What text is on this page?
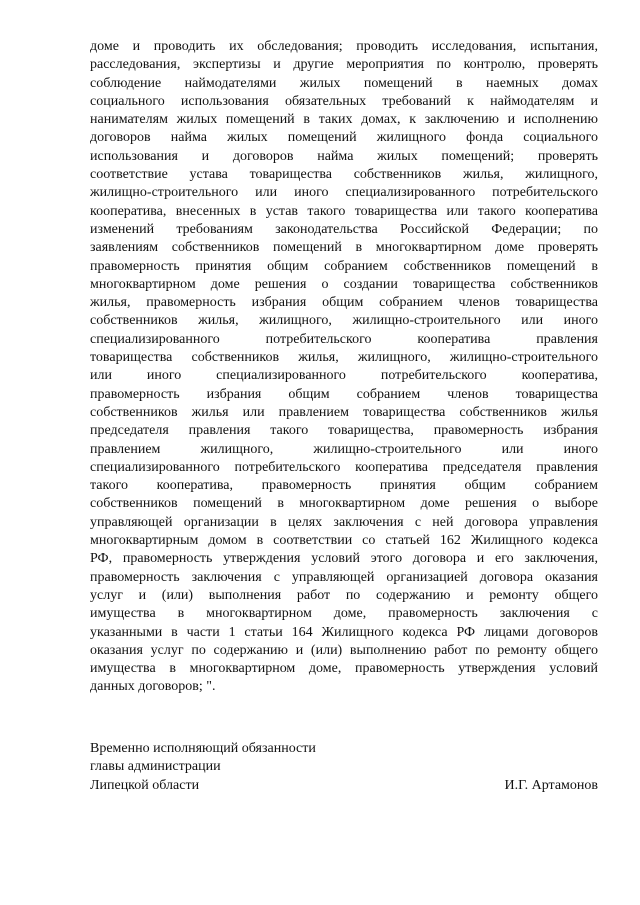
доме и проводить их обследования; проводить исследования, испытания,
расследования, экспертизы и другие мероприятия по контролю, проверять
соблюдение наймодателями жилых помещений в наемных домах
социального использования обязательных требований к наймодателям и
нанимателям жилых помещений в таких домах, к заключению и исполнению
договоров найма жилых помещений жилищного фонда социального
использования и договоров найма жилых помещений; проверять
соответствие устава товарищества собственников жилья, жилищного,
жилищно-строительного или иного специализированного потребительского
кооператива, внесенных в устав такого товарищества или такого кооператива
изменений требованиям законодательства Российской Федерации; по
заявлениям собственников помещений в многоквартирном доме проверять
правомерность принятия общим собранием собственников помещений в
многоквартирном доме решения о создании товарищества собственников
жилья, правомерность избрания общим собранием членов товарищества
собственников жилья, жилищного, жилищно-строительного или иного
специализированного потребительского кооператива правления
товарищества собственников жилья, жилищного, жилищно-строительного
или иного специализированного потребительского кооператива,
правомерность избрания общим собранием членов товарищества
собственников жилья или правлением товарищества собственников жилья
председателя правления такого товарищества, правомерность избрания
правлением жилищного, жилищно-строительного или иного
специализированного потребительского кооператива председателя правления
такого кооператива, правомерность принятия общим собранием
собственников помещений в многоквартирном доме решения о выборе
управляющей организации в целях заключения с ней договора управления
многоквартирным домом в соответствии со статьей 162 Жилищного кодекса
РФ, правомерность утверждения условий этого договора и его заключения,
правомерность заключения с управляющей организацией договора оказания
услуг и (или) выполнения работ по содержанию и ремонту общего
имущества в многоквартирном доме, правомерность заключения с
указанными в части 1 статьи 164 Жилищного кодекса РФ лицами договоров
оказания услуг по содержанию и (или) выполнению работ по ремонту общего
имущества в многоквартирном доме, правомерность утверждения условий
данных договоров; ".
Временно исполняющий обязанности
главы администрации
Липецкой области	И.Г. Артамонов
